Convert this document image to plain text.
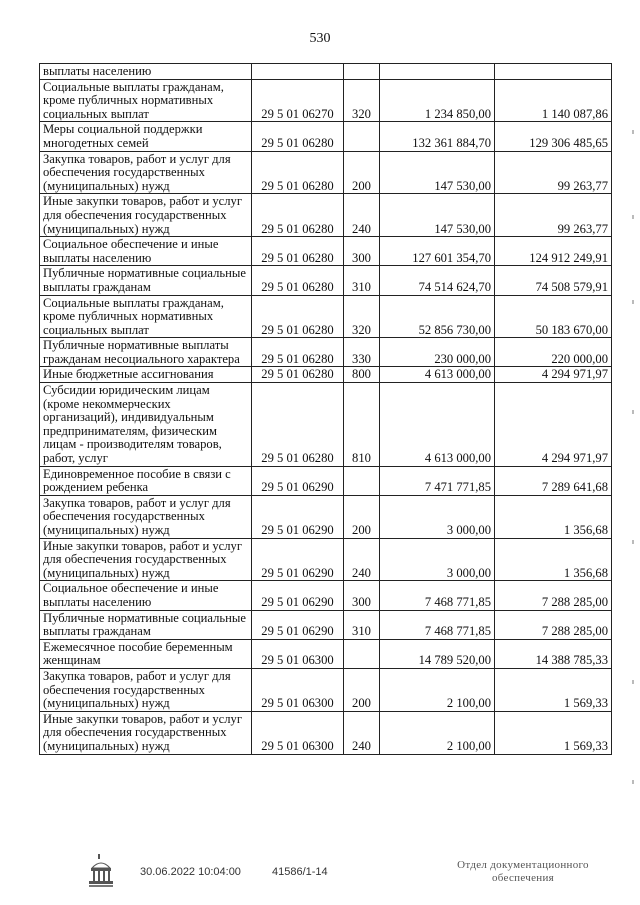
530
выплаты населению				
Социальные выплаты гражданам, кроме публичных нормативных социальных выплат	29 5 01 06270	320	1 234 850,00	1 140 087,86
Меры социальной поддержки многодетных семей	29 5 01 06280		132 361 884,70	129 306 485,65
Закупка товаров, работ и услуг для обеспечения государственных (муниципальных) нужд	29 5 01 06280	200	147 530,00	99 263,77
Иные закупки товаров, работ и услуг для обеспечения государственных (муниципальных) нужд	29 5 01 06280	240	147 530,00	99 263,77
Социальное обеспечение и иные выплаты населению	29 5 01 06280	300	127 601 354,70	124 912 249,91
Публичные нормативные социальные выплаты гражданам	29 5 01 06280	310	74 514 624,70	74 508 579,91
Социальные выплаты гражданам, кроме публичных нормативных социальных выплат	29 5 01 06280	320	52 856 730,00	50 183 670,00
Публичные нормативные выплаты гражданам несоциального характера	29 5 01 06280	330	230 000,00	220 000,00
Иные бюджетные ассигнования	29 5 01 06280	800	4 613 000,00	4 294 971,97
Субсидии юридическим лицам (кроме некоммерческих организаций), индивидуальным предпринимателям, физическим лицам - производителям товаров, работ, услуг	29 5 01 06280	810	4 613 000,00	4 294 971,97
Единовременное пособие в связи с рождением ребенка	29 5 01 06290		7 471 771,85	7 289 641,68
Закупка товаров, работ и услуг для обеспечения государственных (муниципальных) нужд	29 5 01 06290	200	3 000,00	1 356,68
Иные закупки товаров, работ и услуг для обеспечения государственных (муниципальных) нужд	29 5 01 06290	240	3 000,00	1 356,68
Социальное обеспечение и иные выплаты населению	29 5 01 06290	300	7 468 771,85	7 288 285,00
Публичные нормативные социальные выплаты гражданам	29 5 01 06290	310	7 468 771,85	7 288 285,00
Ежемесячное пособие беременным женщинам	29 5 01 06300		14 789 520,00	14 388 785,33
Закупка товаров, работ и услуг для обеспечения государственных (муниципальных) нужд	29 5 01 06300	200	2 100,00	1 569,33
Иные закупки товаров, работ и услуг для обеспечения государственных (муниципальных) нужд	29 5 01 06300	240	2 100,00	1 569,33
30.06.2022 10:04:00	41586/1-14
Отдел документационного
обеспечения
